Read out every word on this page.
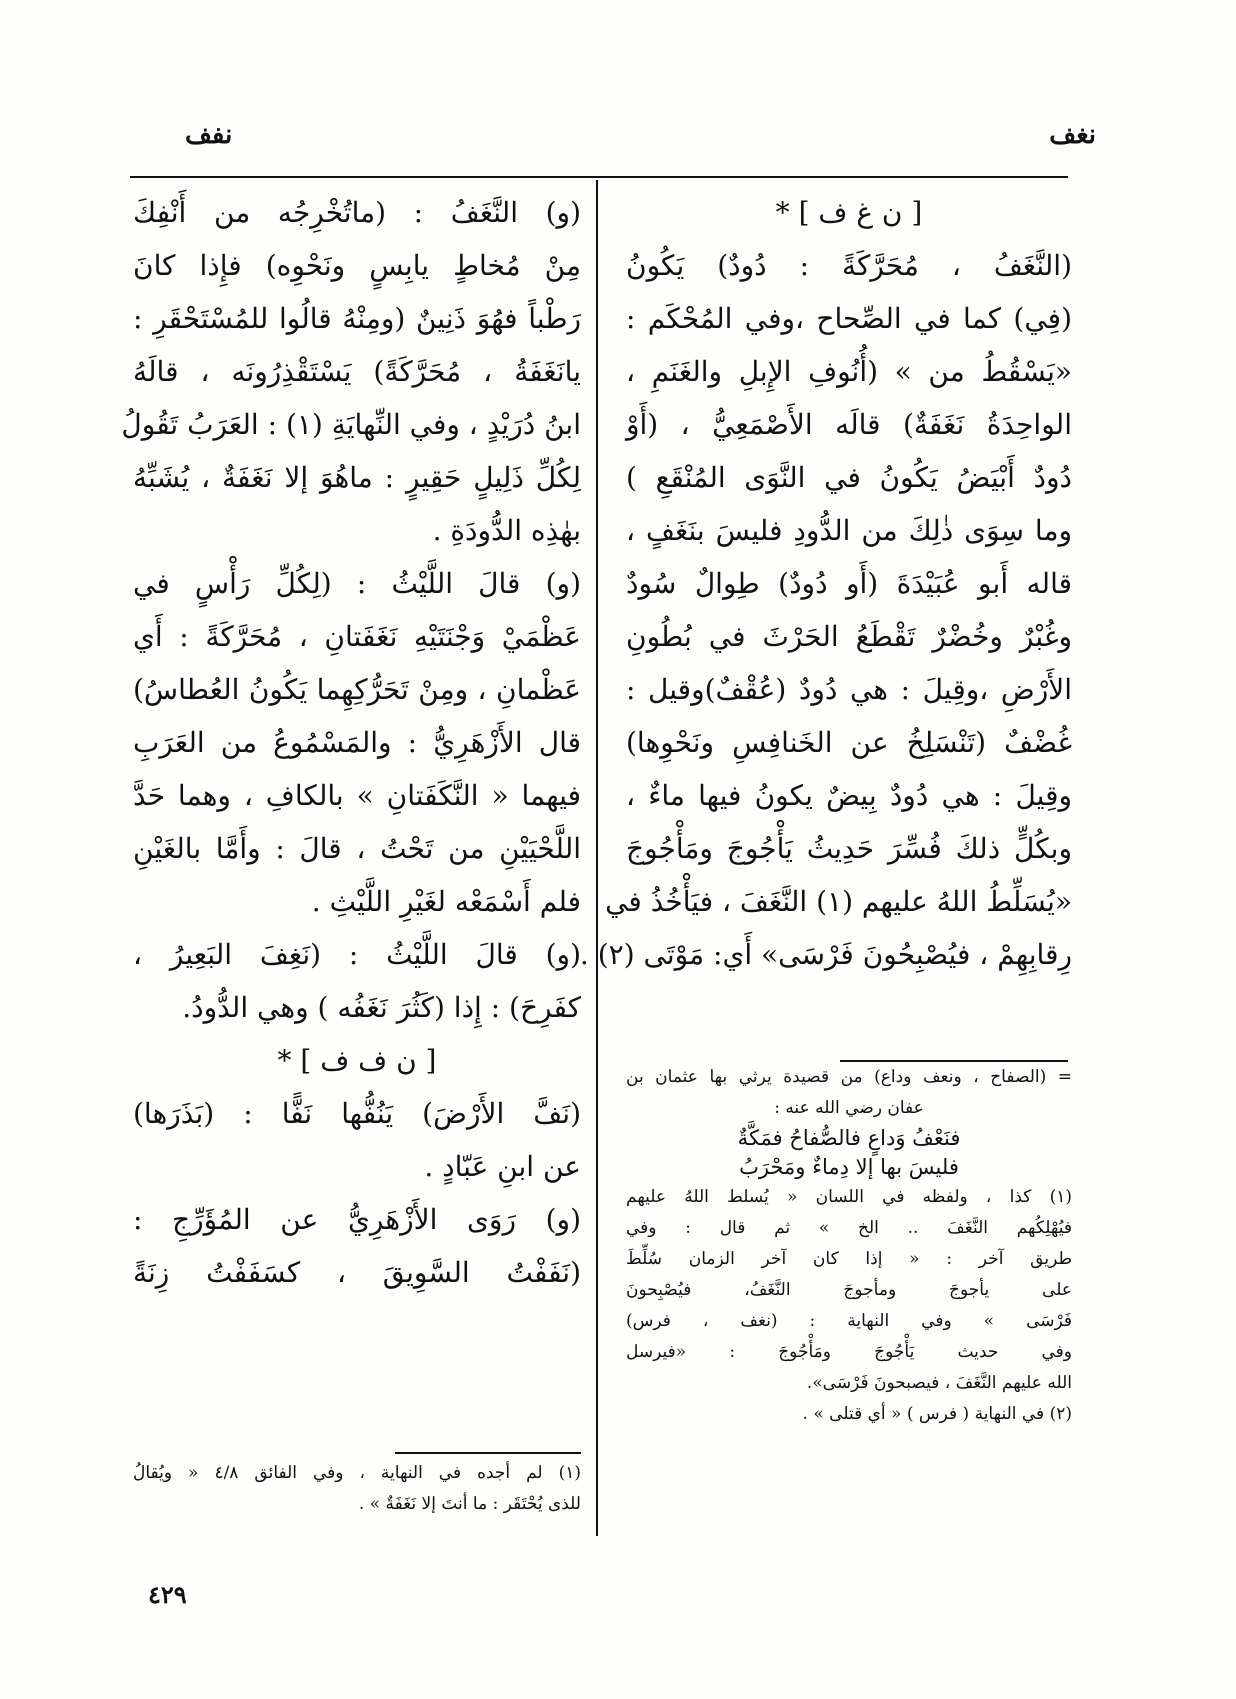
نغف
نفف
[ ن غ ف ] *
(النَّغَفُ ، مُحَرَّكَةً : دُودٌ) يَكُونُ
(فِي) كما في الصِّحاح ،وفي المُحْكَم :
«يَسْقُطُ من » (أُنُوفِ الإِبلِ والغَنَمِ ،
الواحِدَةُ نَغَفَةٌ) قالَه الأَصْمَعِيُّ ، (أَوْ
دُودٌ أَبْيَضُ يَكُونُ في النَّوَى المُنْقَعِ )
وما سِوَى ذٰلِكَ من الدُّودِ فليسَ بنَغَفٍ ،
قاله أَبو عُبَيْدَةَ (أَو دُودٌ) طِوالٌ سُودٌ
وغُبْرٌ وخُضْرٌ تَقْطَعُ الحَرْثَ في بُطُونِ
الأَرْضِ ،وقِيلَ : هي دُودٌ (عُقْفٌ)وقيل :
غُضْفٌ (تَنْسَلِخُ عن الخَنافِسِ ونَحْوِها)
وقِيلَ : هي دُودٌ بِيضٌ يكونُ فيها ماءٌ ،
وبكُلٍّ ذلكَ فُسِّرَ حَدِيثُ يَأْجُوجَ ومَأْجُوجَ
«يُسَلِّطُ اللهُ عليهم (١) النَّغَفَ ، فيَأْخُذُ في
رِقابِهِمْ ، فيُصْبِحُونَ فَرْسَى» أَي: مَوْتَى (٢) .
= (الصفاح ، ونعف وداع) من قصيدة يرثي بها عثمان بن
عفان رضي الله عنه :
فنَعْفُ وَداعٍ فالصُّفاحُ فمَكَّةٌ
فليسَ بها إلا دِماءٌ ومَحْرَبُ
(١) كذا ، ولفظه في اللسان « يُسلط اللهُ عليهم
فيُهْلِكُهم النَّغَفَ .. الخ » ثم قال : وفي
طريق آخر : « إذا كان آخر الزمان سُلِّطَ
على يأجوجَ ومأجوجَ النَّغَفُ، فيُصْبِحونَ
فَرْسَى » وفي النهاية : (نغف ، فرس)
وفي حديث يَأْجُوجَ ومَأْجُوجَ : «فيرسل
الله عليهم النَّغَفَ ، فيصبحونَ فَرْسَى».
(٢) في النهاية ( فرس ) « أي قتلى » .
(و) النَّغَفُ : (ماتُخْرِجُه من أَنْفِكَ
مِنْ مُخاطٍ يابِسٍ ونَحْوِه) فإِذا كانَ
رَطْباً فهُوَ ذَنِينٌ (ومِنْهُ قالُوا للمُسْتَحْقَرِ :
يانَغَفَةُ ، مُحَرَّكَةً) يَسْتَقْذِرُونَه ، قالَهُ
ابنُ دُرَيْدٍ ، وفي النِّهايَةِ (١) : العَرَبُ تَقُولُ
لِكُلِّ ذَلِيلٍ حَقِيرٍ : ماهُوَ إلا نَغَفَةٌ ، يُشَبِّهُ
بهٰذِه الدُّودَةِ .
(و) قالَ اللَّيْثُ : (لِكُلِّ رَأْسٍ في
عَظْمَيْ وَجْنَتَيْهِ نَغَفَتانِ ، مُحَرَّكَةً : أَي
عَظْمانِ ، ومِنْ تَحَرُّكِهِما يَكُونُ العُطاسُ)
قال الأَزْهَرِيُّ : والمَسْمُوعُ من العَرَبِ
فيهما « النَّكَفَتانِ » بالكافِ ، وهما حَدَّ
اللَّحْيَيْنِ من تَحْتُ ، قالَ : وأَمَّا بالغَيْنِ
فلم أَسْمَعْه لغَيْرِ اللَّيْثِ .
(و) قالَ اللَّيْثُ : (نَغِفَ البَعِيرُ ،
كفَرِحَ) : إِذا (كَثُرَ نَغَفُه ) وهي الدُّودُ.
[ ن ف ف ] *
(نَفَّ الأَرْضَ) يَنُفُّها نَفًّا : (بَذَرَها)
عن ابنِ عَبّادٍ .
(و) رَوَى الأَزْهَرِيُّ عن المُؤَرِّجِ :
(نَفَفْتُ السَّوِيقَ ، كسَفَفْتُ زِنَةً
(١) لم أجده في النهاية ، وفي الفائق ٤/٨ « ويُقالُ
للذى يُحْتَقَر : ما أنتَ إلا نَغَفَةٌ » .
٤٢٩
